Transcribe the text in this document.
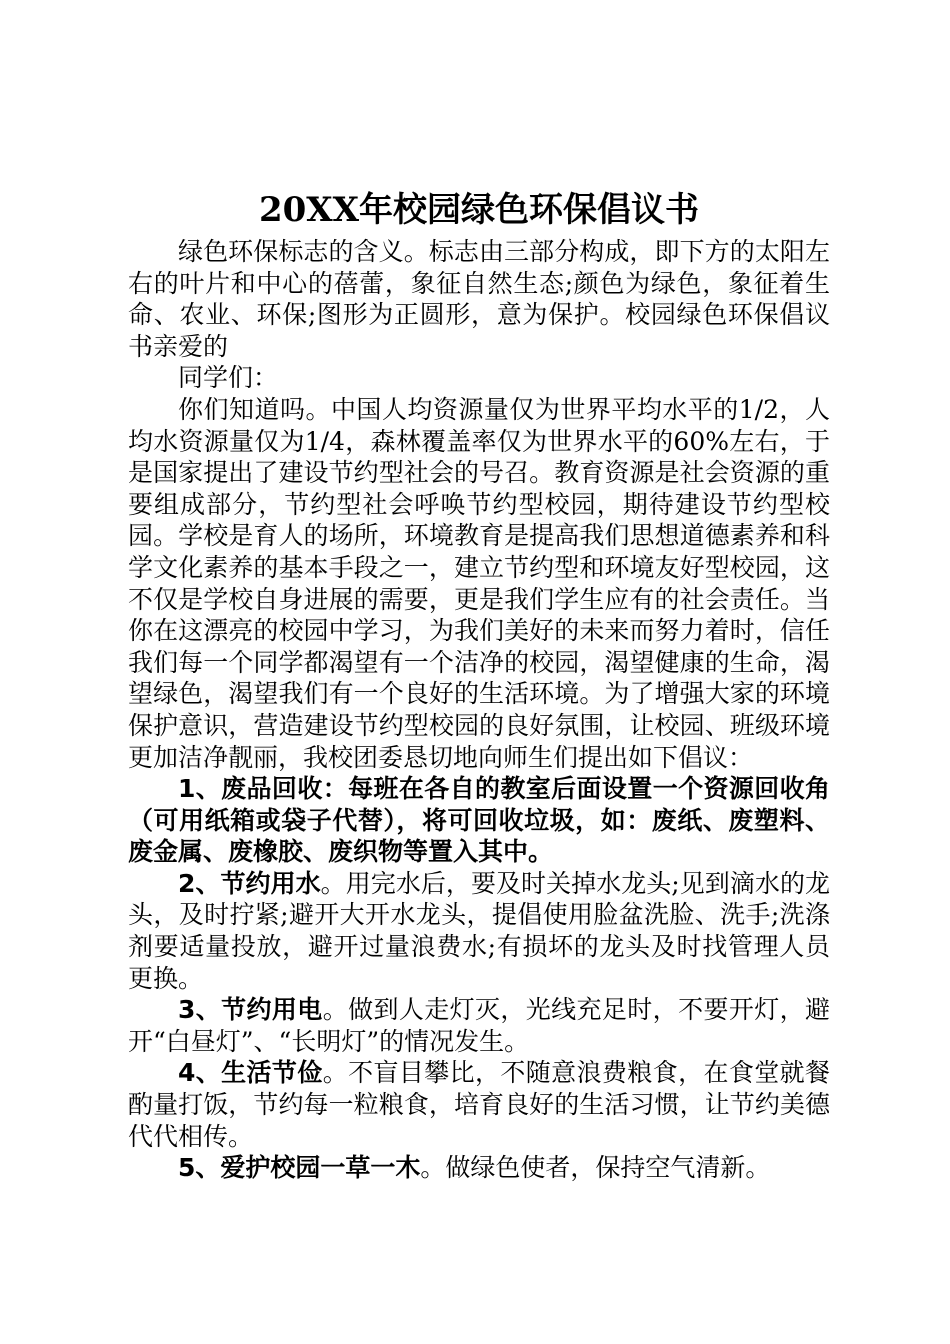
20XX年校园绿色环保倡议书

绿色环保标志的含义。标志由三部分构成，即下方的太阳左右的叶片和中心的蓓蕾，象征自然生态;颜色为绿色，象征着生命、农业、环保;图形为正圆形，意为保护。校园绿色环保倡议书亲爱的

同学们：

你们知道吗。中国人均资源量仅为世界平均水平的1/2，人均水资源量仅为1/4，森林覆盖率仅为世界水平的60%左右，于是国家提出了建设节约型社会的号召。教育资源是社会资源的重要组成部分，节约型社会呼唤节约型校园，期待建设节约型校园。学校是育人的场所，环境教育是提高我们思想道德素养和科学文化素养的基本手段之一，建立节约型和环境友好型校园，这不仅是学校自身进展的需要，更是我们学生应有的社会责任。当你在这漂亮的校园中学习，为我们美好的未来而努力着时，信任我们每一个同学都渴望有一个洁净的校园，渴望健康的生命，渴望绿色，渴望我们有一个良好的生活环境。为了增强大家的环境保护意识，营造建设节约型校园的良好氛围，让校园、班级环境更加洁净靓丽，我校团委恳切地向师生们提出如下倡议：

1、废品回收：每班在各自的教室后面设置一个资源回收角（可用纸箱或袋子代替），将可回收垃圾，如：废纸、废塑料、废金属、废橡胶、废织物等置入其中。

2、节约用水。用完水后，要及时关掉水龙头;见到滴水的龙头，及时拧紧;避开大开水龙头，提倡使用脸盆洗脸、洗手;洗涤剂要适量投放，避开过量浪费水;有损坏的龙头及时找管理人员更换。

3、节约用电。做到人走灯灭，光线充足时，不要开灯，避开“白昼灯”、“长明灯”的情况发生。

4、生活节俭。不盲目攀比，不随意浪费粮食，在食堂就餐酌量打饭，节约每一粒粮食，培育良好的生活习惯，让节约美德代代相传。

5、爱护校园一草一木。做绿色使者，保持空气清新。
